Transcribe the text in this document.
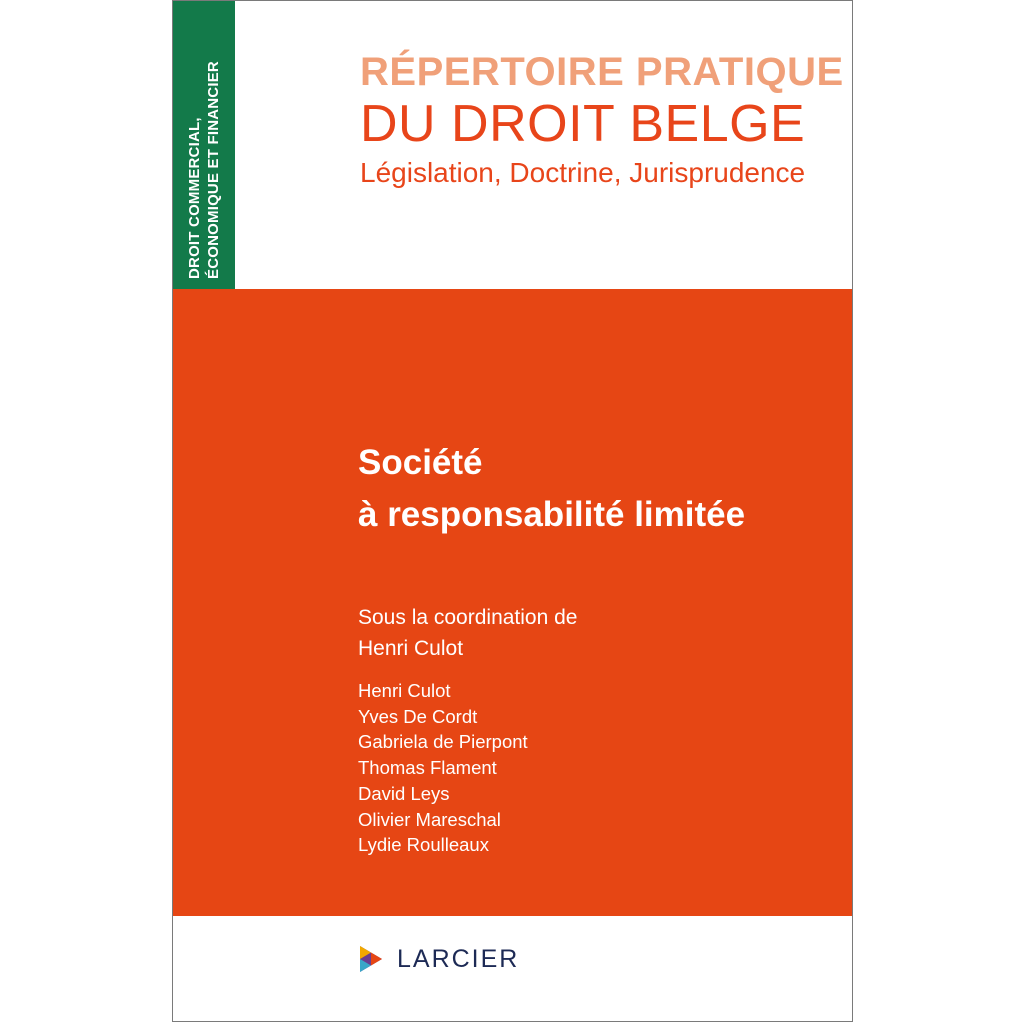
DROIT COMMERCIAL, ÉCONOMIQUE ET FINANCIER	RÉPERTOIRE PRATIQUE
DU DROIT BELGE
Législation, Doctrine, Jurisprudence
Société
à responsabilité limitée
Sous la coordination de
Henri Culot
Henri Culot
Yves De Cordt
Gabriela de Pierpont
Thomas Flament
David Leys
Olivier Mareschal
Lydie Roulleaux
LARCIER
